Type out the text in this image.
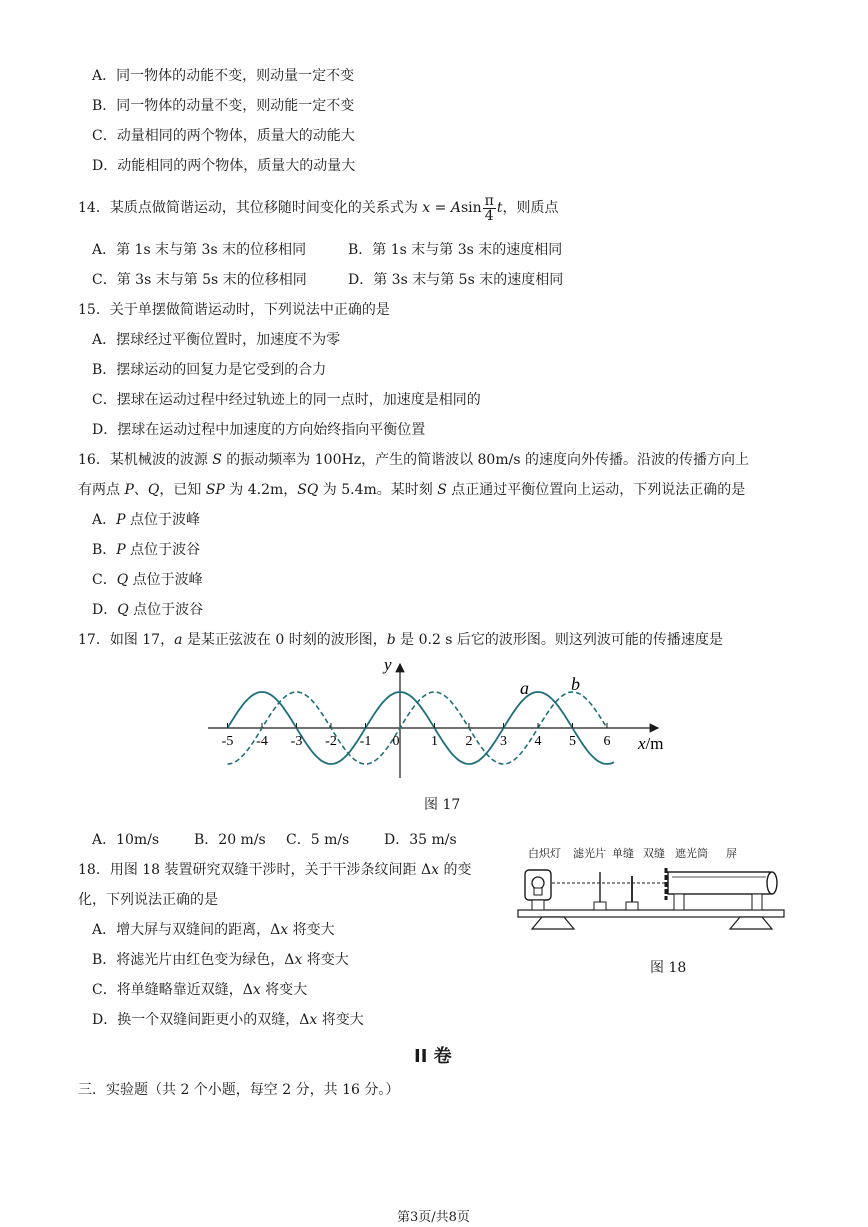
A．同一物体的动能不变，则动量一定不变
B．同一物体的动量不变，则动能一定不变
C．动量相同的两个物体，质量大的动能大
D．动能相同的两个物体，质量大的动量大
14．某质点做简谐运动，其位移随时间变化的关系式为 x = Asin $\frac{\pi}{4}$ t，则质点
A．第 1s 末与第 3s 末的位移相同	B．第 1s 末与第 3s 末的速度相同
C．第 3s 末与第 5s 末的位移相同	D．第 3s 末与第 5s 末的速度相同
15．关于单摆做简谐运动时，下列说法中正确的是
A．摆球经过平衡位置时，加速度不为零
B．摆球运动的回复力是它受到的合力
C．摆球在运动过程中经过轨迹上的同一点时，加速度是相同的
D．摆球在运动过程中加速度的方向始终指向平衡位置
16．某机械波的波源 S 的振动频率为 100Hz，产生的简谐波以 80m/s 的速度向外传播。沿波的传播方向上
有两点 P、Q，已知 SP 为 4.2m，SQ 为 5.4m。某时刻 S 点正通过平衡位置向上运动，下列说法正确的是
A．P 点位于波峰
B．P 点位于波谷
C．Q 点位于波峰
D．Q 点位于波谷
17．如图 17，a 是某正弦波在 0 时刻的波形图，b 是 0.2 s 后它的波形图。则这列波可能的传播速度是
y
x/m
-5 -4 -3 -2 -1 0 1 2 3 4 5 6
a b
图 17
A．10m/s B．20 m/s C．5 m/s D．35 m/s
18．用图 18 装置研究双缝干涉时，关于干涉条纹间距 Δx 的变
化，下列说法正确的是
A．增大屏与双缝间的距离，Δx 将变大
B．将滤光片由红色变为绿色，Δx 将变大
C．将单缝略靠近双缝，Δx 将变大
D．换一个双缝间距更小的双缝，Δx 将变大
白炽灯 滤光片 单缝 双缝 遮光筒 屏
图 18
II 卷
三．实验题（共 2 个小题，每空 2 分，共 16 分。）
第3页/共8页
